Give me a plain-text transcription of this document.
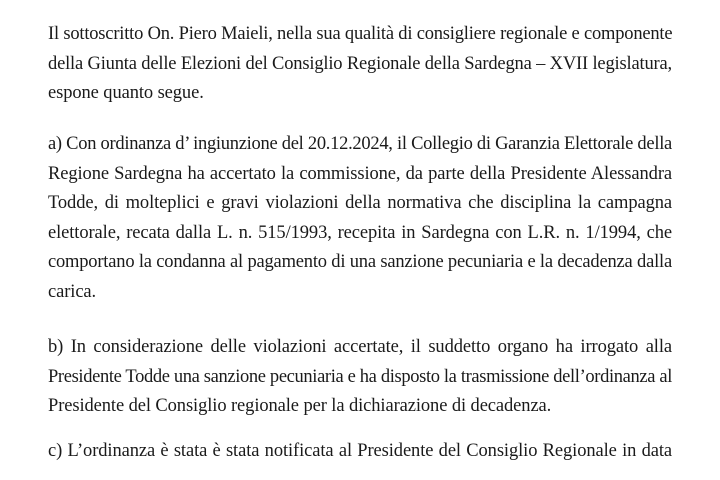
Il sottoscritto On. Piero Maieli, nella sua qualità di consigliere regionale e componente
della Giunta delle Elezioni del Consiglio Regionale della Sardegna – XVII legislatura,
espone quanto segue.
a) Con ordinanza d’ ingiunzione del 20.12.2024, il Collegio di Garanzia Elettorale della
Regione Sardegna ha accertato la commissione, da parte della Presidente Alessandra
Todde, di molteplici e gravi violazioni della normativa che disciplina la campagna
elettorale, recata dalla L. n. 515/1993, recepita in Sardegna con L.R. n. 1/1994, che
comportano la condanna al pagamento di una sanzione pecuniaria e la decadenza dalla
carica.
b) In considerazione delle violazioni accertate, il suddetto organo ha irrogato alla
Presidente Todde una sanzione pecuniaria e ha disposto la trasmissione dell’ordinanza al
Presidente del Consiglio regionale per la dichiarazione di decadenza.
c) L’ordinanza è stata è stata notificata al Presidente del Consiglio Regionale in data
